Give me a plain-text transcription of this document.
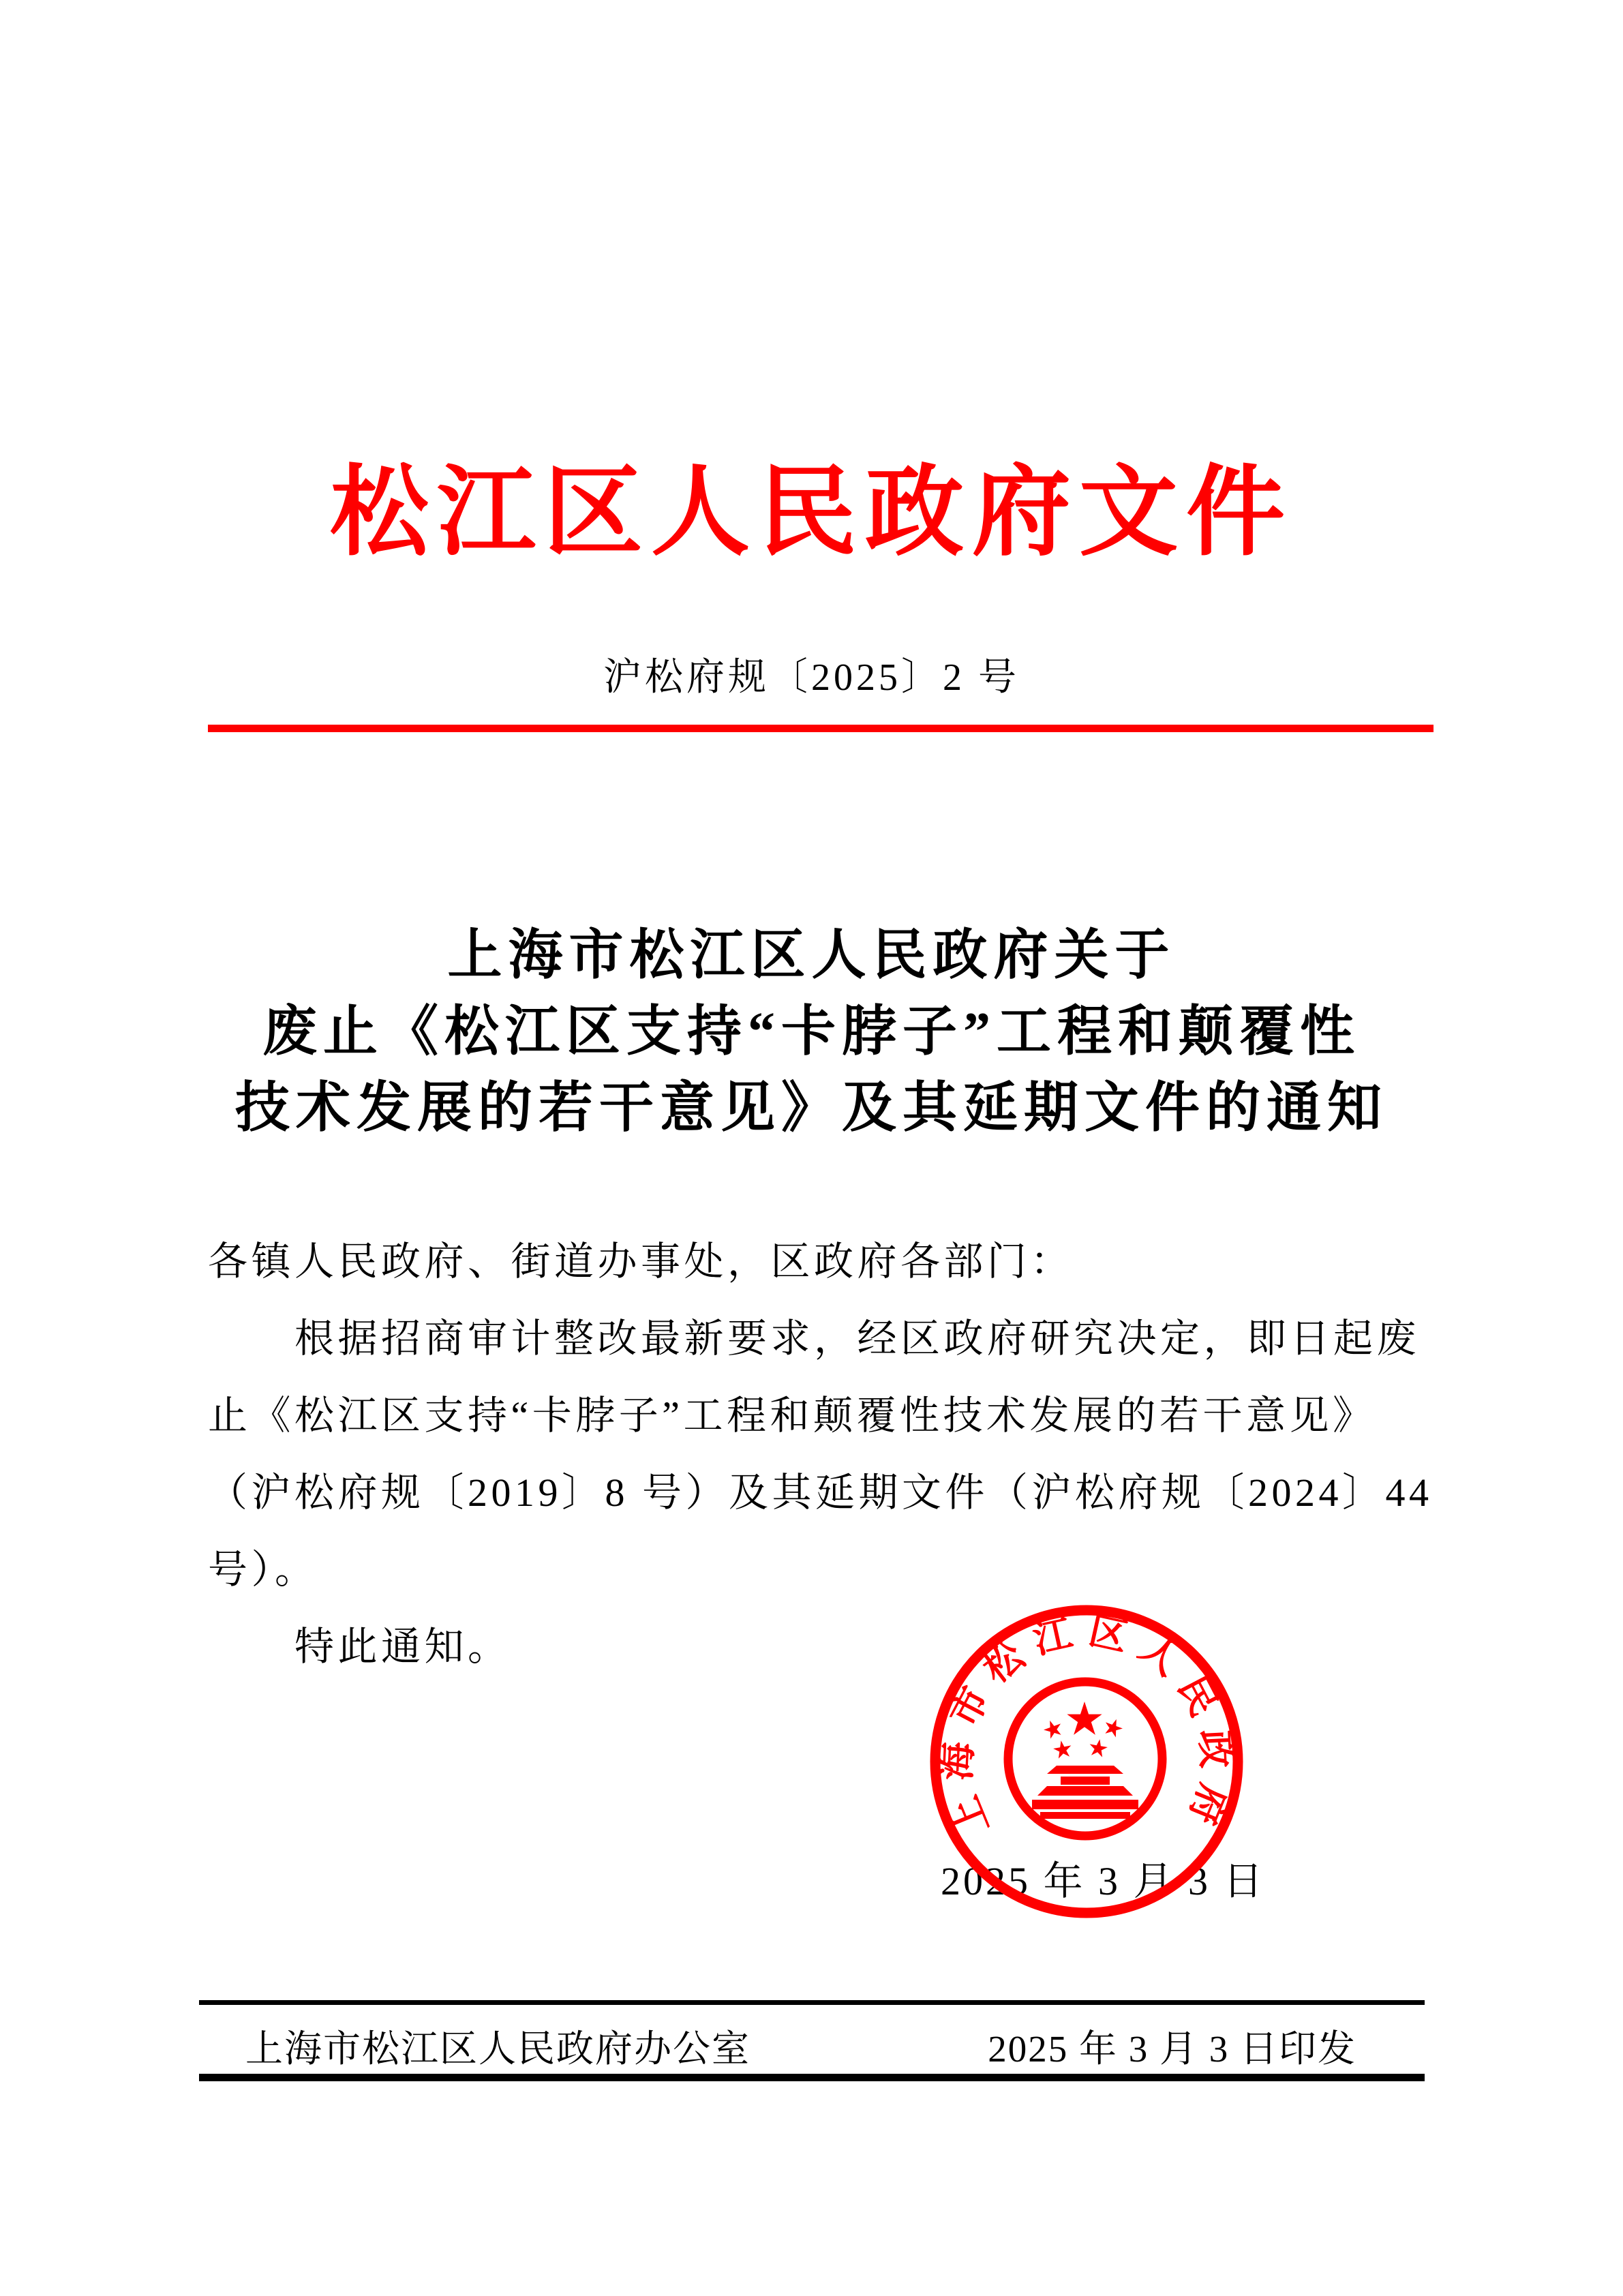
松江区人民政府文件
沪松府规〔2025〕2 号
上海市松江区人民政府关于
废止《松江区支持“卡脖子”工程和颠覆性
技术发展的若干意见》及其延期文件的通知
各镇人民政府、街道办事处，区政府各部门：
根据招商审计整改最新要求，经区政府研究决定，即日起废
止《松江区支持“卡脖子”工程和颠覆性技术发展的若干意见》
（沪松府规〔2019〕8 号）及其延期文件（沪松府规〔2024〕44
号）。
特此通知。
2025 年 3 月 3 日
上海市松江区人民政府
上海市松江区人民政府办公室	2025 年 3 月 3 日印发
